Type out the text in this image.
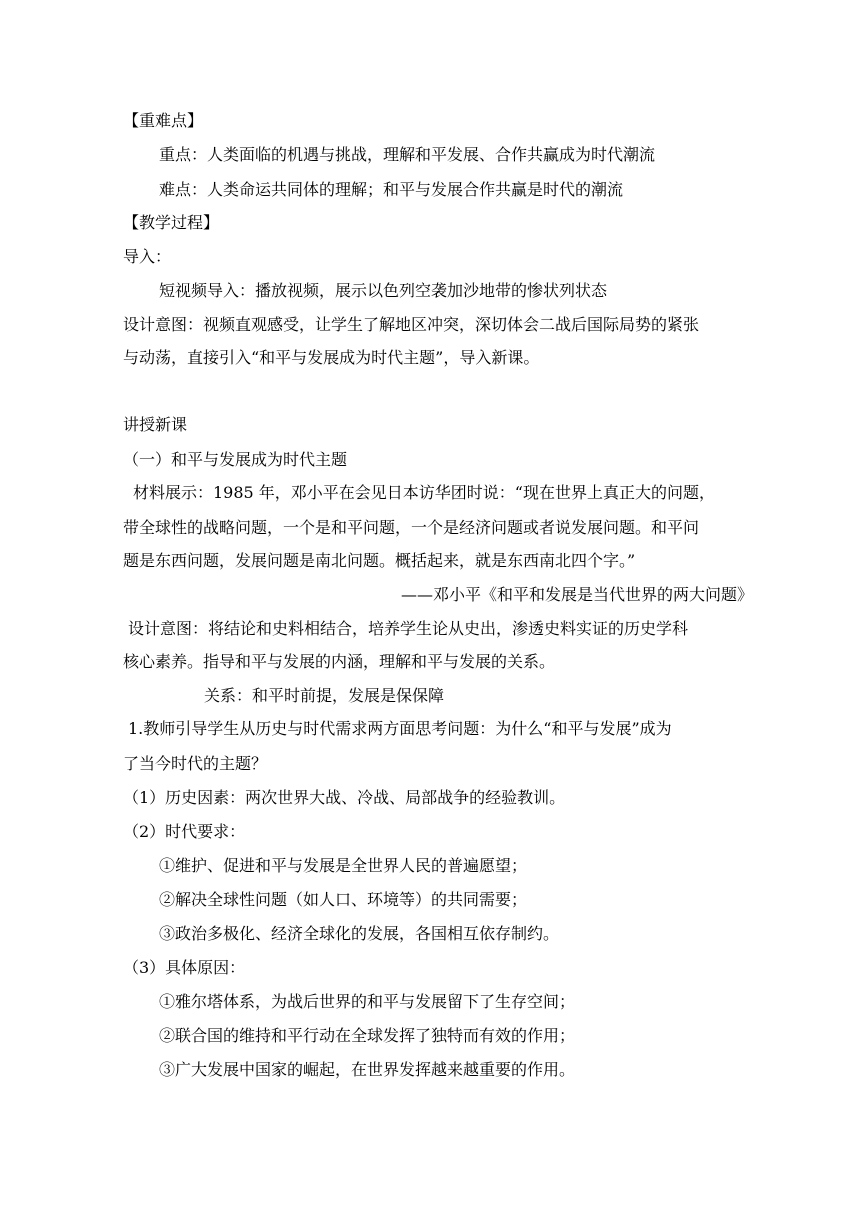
【重难点】
重点：人类面临的机遇与挑战，理解和平发展、合作共赢成为时代潮流
难点：人类命运共同体的理解；和平与发展合作共赢是时代的潮流
【教学过程】
导入：
短视频导入：播放视频，展示以色列空袭加沙地带的惨状列状态
设计意图：视频直观感受，让学生了解地区冲突，深切体会二战后国际局势的紧张
与动荡，直接引入“和平与发展成为时代主题”，导入新课。
讲授新课
（一）和平与发展成为时代主题
材料展示：1985 年，邓小平在会见日本访华团时说：“现在世界上真正大的问题，
带全球性的战略问题，一个是和平问题，一个是经济问题或者说发展问题。和平问
题是东西问题，发展问题是南北问题。概括起来，就是东西南北四个字。”
——邓小平《和平和发展是当代世界的两大问题》
设计意图：将结论和史料相结合，培养学生论从史出，渗透史料实证的历史学科
核心素养。指导和平与发展的内涵，理解和平与发展的关系。
关系：和平时前提，发展是保保障
1.教师引导学生从历史与时代需求两方面思考问题：为什么“和平与发展”成为
了当今时代的主题？
（1）历史因素：两次世界大战、冷战、局部战争的经验教训。
（2）时代要求：
①维护、促进和平与发展是全世界人民的普遍愿望；
②解决全球性问题（如人口、环境等）的共同需要；
③政治多极化、经济全球化的发展，各国相互依存制约。
（3）具体原因：
①雅尔塔体系，为战后世界的和平与发展留下了生存空间；
②联合国的维持和平行动在全球发挥了独特而有效的作用；
③广大发展中国家的崛起，在世界发挥越来越重要的作用。
